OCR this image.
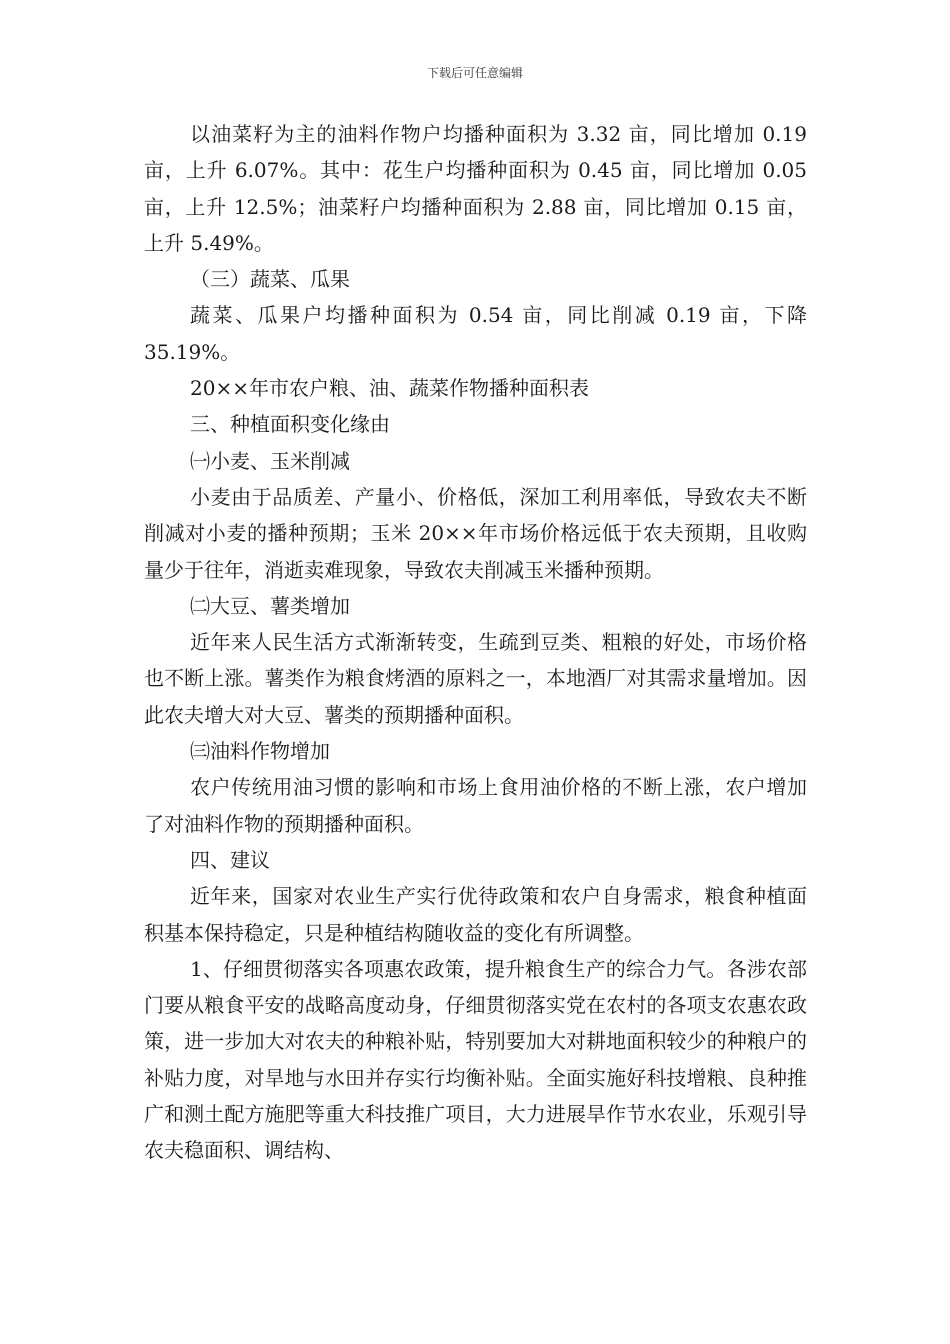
下载后可任意编辑

以油菜籽为主的油料作物户均播种面积为 3.32 亩，同比增加 0.19 亩，上升 6.07%。其中：花生户均播种面积为 0.45 亩，同比增加 0.05 亩，上升 12.5%；油菜籽户均播种面积为 2.88 亩，同比增加 0.15 亩，上升 5.49%。

（三）蔬菜、瓜果

蔬菜、瓜果户均播种面积为 0.54 亩，同比削减 0.19 亩，下降 35.19%。

20××年市农户粮、油、蔬菜作物播种面积表

三、种植面积变化缘由

㈠小麦、玉米削减

小麦由于品质差、产量小、价格低，深加工利用率低，导致农夫不断削减对小麦的播种预期；玉米 20××年市场价格远低于农夫预期，且收购量少于往年，消逝卖难现象，导致农夫削减玉米播种预期。

㈡大豆、薯类增加

近年来人民生活方式渐渐转变，生疏到豆类、粗粮的好处，市场价格也不断上涨。薯类作为粮食烤酒的原料之一，本地酒厂对其需求量增加。因此农夫增大对大豆、薯类的预期播种面积。

㈢油料作物增加

农户传统用油习惯的影响和市场上食用油价格的不断上涨，农户增加了对油料作物的预期播种面积。

四、建议

近年来，国家对农业生产实行优待政策和农户自身需求，粮食种植面积基本保持稳定，只是种植结构随收益的变化有所调整。

1、仔细贯彻落实各项惠农政策，提升粮食生产的综合力气。各涉农部门要从粮食平安的战略高度动身，仔细贯彻落实党在农村的各项支农惠农政策，进一步加大对农夫的种粮补贴，特别要加大对耕地面积较少的种粮户的补贴力度，对旱地与水田并存实行均衡补贴。全面实施好科技增粮、良种推广和测土配方施肥等重大科技推广项目，大力进展旱作节水农业，乐观引导农夫稳面积、调结构、
